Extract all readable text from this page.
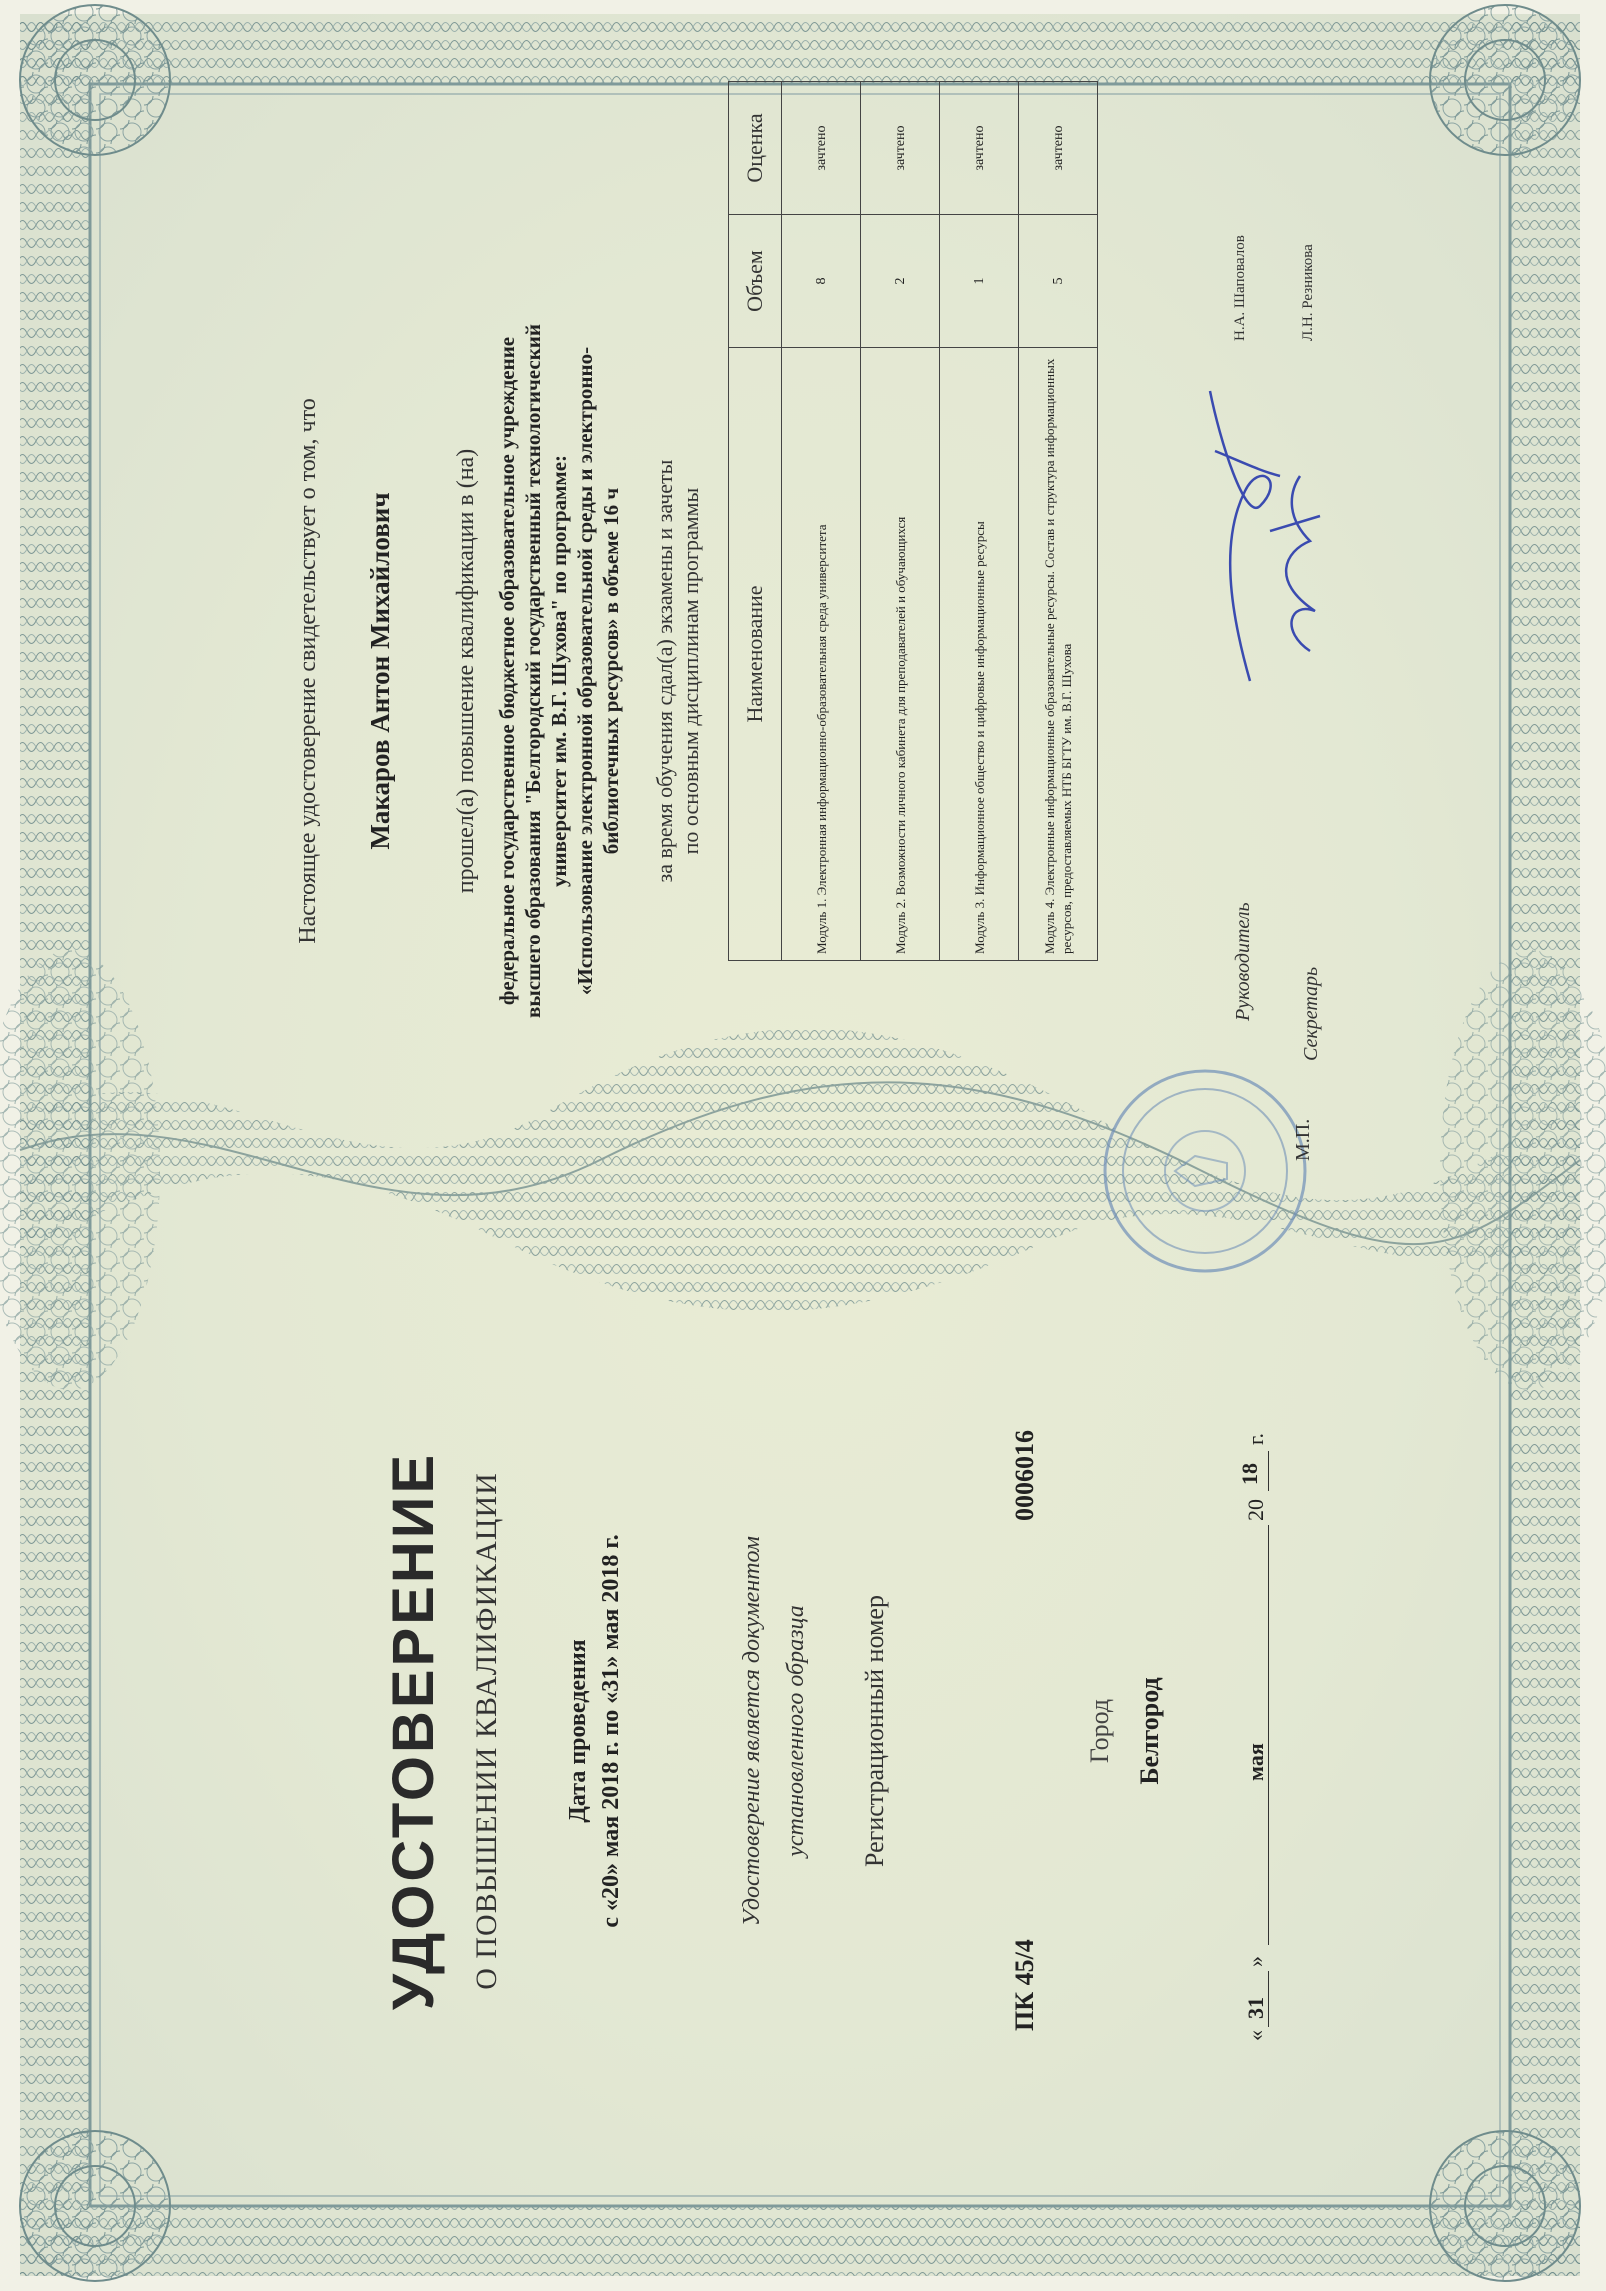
УДОСТОВЕРЕНИЕ О ПОВЫШЕНИИ КВАЛИФИКАЦИИ	Дата проведения с «20» мая 2018 г. по «31» мая 2018 г.	Удостоверение является документом установленного образца	Регистрационный номер
ПК 45/4
0006016
Город Белгород
«
31
»
мая
20
18
г.
Настоящее удостоверение свидетельствует о том, что Макаров Антон Михайлович прошел(а) повышение квалификации в (на) федеральное государственное бюджетное образовательное учреждение высшего образования "Белгородский государственный технологический университет им. В.Г. Шухова" по программе: «Использование электронной образовательной среды и электронно- библиотечных ресурсов» в объеме 16 ч за время обучения сдал(а) экзамены и зачеты по основным дисциплинам программы Наименование	Объем	Оценка
Модуль 1. Электронная информационно-образовательная среда университета	8	зачтено
Модуль 2. Возможности личного кабинета для преподавателей и обучающихся	2	зачтено
Модуль 3. Информационное общество и цифровые информационные ресурсы	1	зачтено
Модуль 4. Электронные информационные образовательные ресурсы. Состав и структура информационных ресурсов, предоставляемых НТБ БГТУ им. В.Г. Шухова	5	зачтено
М.П.
Руководитель Секретарь
Н.А. Шаповалов	Л.Н. Резникова
